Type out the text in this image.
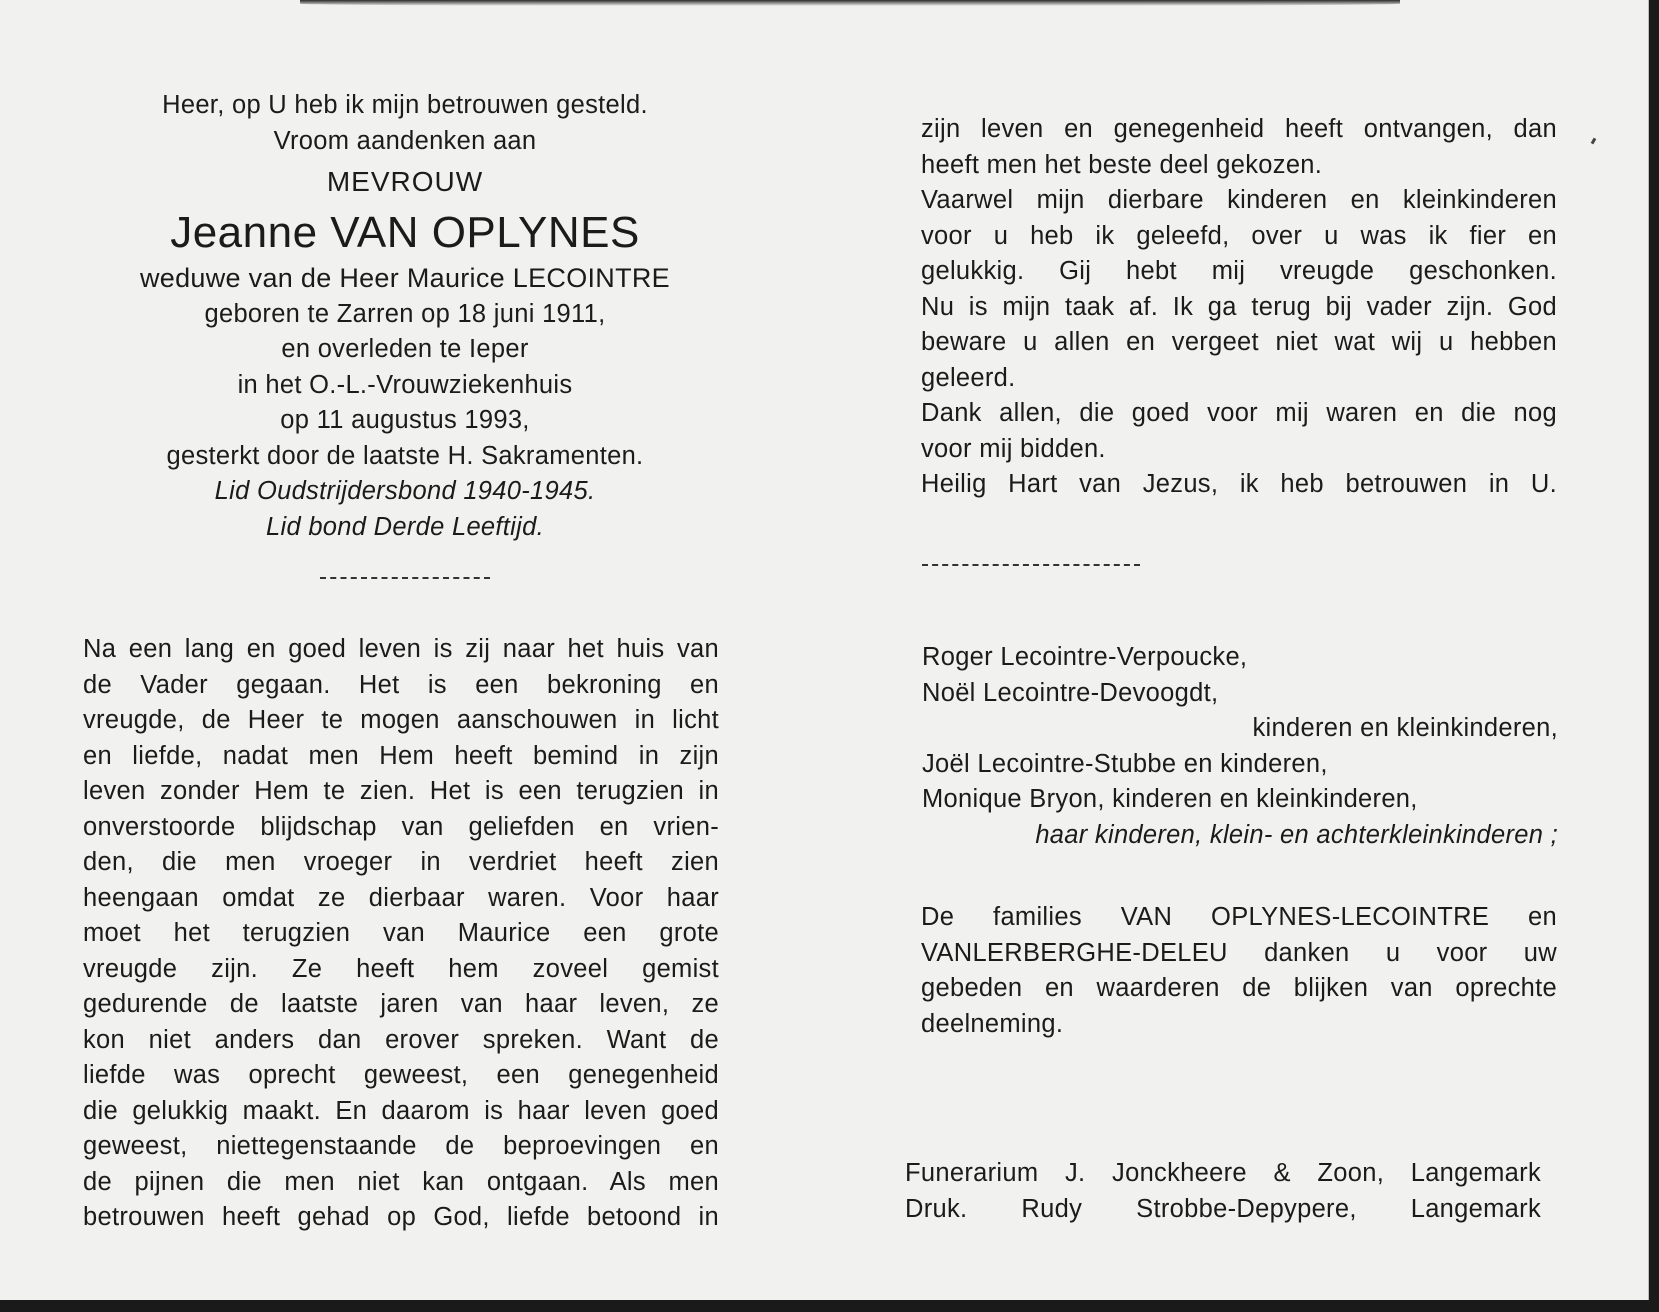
Heer, op U heb ik mijn betrouwen gesteld.
Vroom aandenken aan
MEVROUW
Jeanne VAN OPLYNES
weduwe van de Heer Maurice LECOINTRE
geboren te Zarren op 18 juni 1911,
en overleden te Ieper
in het O.-L.-Vrouwziekenhuis
op 11 augustus 1993,
gesterkt door de laatste H. Sakramenten.
Lid Oudstrijdersbond 1940-1945.
Lid bond Derde Leeftijd.
Na een lang en goed leven is zij naar het huis van
de Vader gegaan. Het is een bekroning en
vreugde, de Heer te mogen aanschouwen in licht
en liefde, nadat men Hem heeft bemind in zijn
leven zonder Hem te zien. Het is een terugzien in
onverstoorde blijdschap van geliefden en vrien-
den, die men vroeger in verdriet heeft zien
heengaan omdat ze dierbaar waren. Voor haar
moet het terugzien van Maurice een grote
vreugde zijn. Ze heeft hem zoveel gemist
gedurende de laatste jaren van haar leven, ze
kon niet anders dan erover spreken. Want de
liefde was oprecht geweest, een genegenheid
die gelukkig maakt. En daarom is haar leven goed
geweest, niettegenstaande de beproevingen en
de pijnen die men niet kan ontgaan. Als men
betrouwen heeft gehad op God, liefde betoond in
zijn leven en genegenheid heeft ontvangen, dan
heeft men het beste deel gekozen.
Vaarwel mijn dierbare kinderen en kleinkinderen
voor u heb ik geleefd, over u was ik fier en
gelukkig. Gij hebt mij vreugde geschonken.
Nu is mijn taak af. Ik ga terug bij vader zijn. God
beware u allen en vergeet niet wat wij u hebben
geleerd.
Dank allen, die goed voor mij waren en die nog
voor mij bidden.
Heilig Hart van Jezus, ik heb betrouwen in U.
Roger Lecointre-Verpoucke,
Noël Lecointre-Devoogdt,
kinderen en kleinkinderen,
Joël Lecointre-Stubbe en kinderen,
Monique Bryon, kinderen en kleinkinderen,
haar kinderen, klein- en achterkleinkinderen ;
De families VAN OPLYNES-LECOINTRE en
VANLERBERGHE-DELEU danken u voor uw
gebeden en waarderen de blijken van oprechte
deelneming.
Funerarium J. Jonckheere & Zoon, Langemark
Druk. Rudy Strobbe-Depypere, Langemark
